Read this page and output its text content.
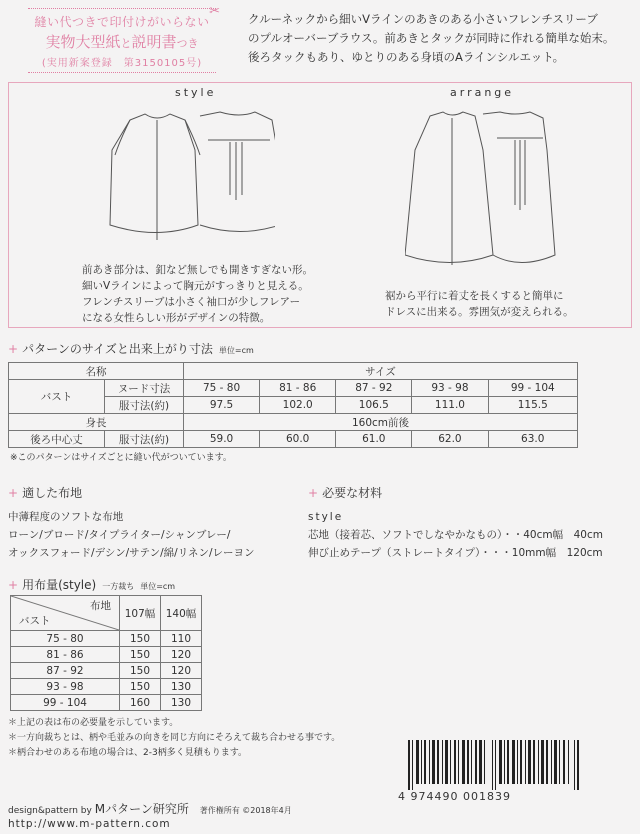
縫い代つきで印付けがいらない
実物大型紙と説明書つき
(実用新案登録　第3150105号)
✂ クルーネックから細いVラインのあきのある小さいフレンチスリーブ
のプルオーバーブラウス。前あきとタックが同時に作れる簡単な始末。
後ろタックもあり、ゆとりのある身頃のAラインシルエット。
style	arrange
前あき部分は、釦など無しでも開きすぎない形。
細いVラインによって胸元がすっきりと見える。
フレンチスリーブは小さく袖口が少しフレアー
になる女性らしい形がデザインの特徴。
裾から平行に着丈を長くすると簡単に
ドレスに出来る。雰囲気が変えられる。
+ パターンのサイズと出来上がり寸法 単位=cm
名称		サイズ				
バスト	ヌード寸法	75 - 80	81 - 86	87 - 92	93 - 98	99 - 104
	服寸法(約)	97.5	102.0	106.5	111.0	115.5
身長		160cm前後				
後ろ中心丈	服寸法(約)	59.0	60.0	61.0	62.0	63.0
※このパターンはサイズごとに縫い代がついています。
+ 適した布地
中薄程度のソフトな布地
ローン/ブロード/タイプライター/シャンブレー/
オックスフォード/デシン/サテン/綿/リネン/レーヨン
+ 必要な材料
style
芯地（接着芯、ソフトでしなやかなもの）・・40cm幅　40cm
伸び止めテープ（ストレートタイプ）・・・10mm幅　120cm
+ 用布量(style) 一方裁ち 単位=cm
布地
バスト	107幅	140幅
75 - 80	150	110
81 - 86	150	120
87 - 92	150	120
93 - 98	150	130
99 - 104	160	130
＊上記の表は布の必要量を示しています。
＊一方向裁ちとは、柄や毛並みの向きを同じ方向にそろえて裁ち合わせる事です。
＊柄合わせのある布地の場合は、2-3柄多く見積もります。
4 974490 001839
design&pattern by Mパターン研究所 著作権所有 ©2018年4月
http://www.m-pattern.com
